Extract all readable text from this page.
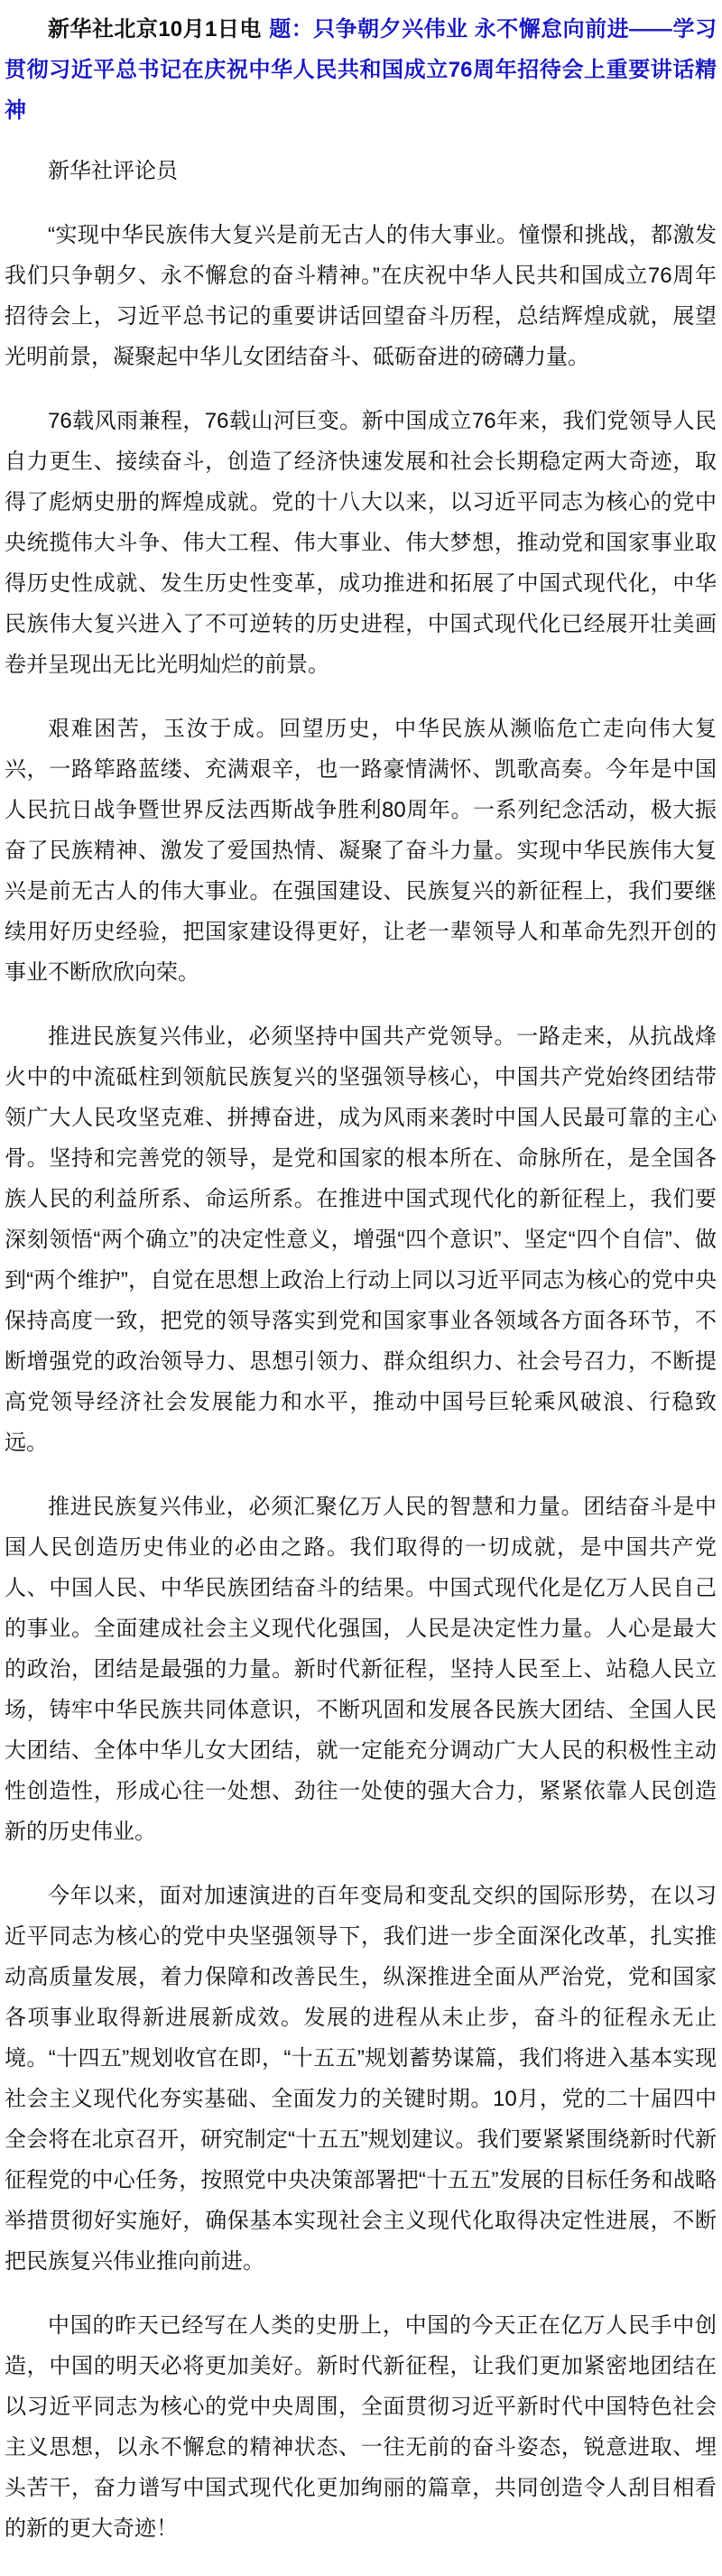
新华社北京10月1日电 题：只争朝夕兴伟业 永不懈怠向前进——学习贯彻习近平总书记在庆祝中华人民共和国成立76周年招待会上重要讲话精神

新华社评论员

“实现中华民族伟大复兴是前无古人的伟大事业。憧憬和挑战，都激发我们只争朝夕、永不懈怠的奋斗精神。”在庆祝中华人民共和国成立76周年招待会上，习近平总书记的重要讲话回望奋斗历程，总结辉煌成就，展望光明前景，凝聚起中华儿女团结奋斗、砥砺奋进的磅礴力量。

76载风雨兼程，76载山河巨变。新中国成立76年来，我们党领导人民自力更生、接续奋斗，创造了经济快速发展和社会长期稳定两大奇迹，取得了彪炳史册的辉煌成就。党的十八大以来，以习近平同志为核心的党中央统揽伟大斗争、伟大工程、伟大事业、伟大梦想，推动党和国家事业取得历史性成就、发生历史性变革，成功推进和拓展了中国式现代化，中华民族伟大复兴进入了不可逆转的历史进程，中国式现代化已经展开壮美画卷并呈现出无比光明灿烂的前景。

艰难困苦，玉汝于成。回望历史，中华民族从濒临危亡走向伟大复兴，一路筚路蓝缕、充满艰辛，也一路豪情满怀、凯歌高奏。今年是中国人民抗日战争暨世界反法西斯战争胜利80周年。一系列纪念活动，极大振奋了民族精神、激发了爱国热情、凝聚了奋斗力量。实现中华民族伟大复兴是前无古人的伟大事业。在强国建设、民族复兴的新征程上，我们要继续用好历史经验，把国家建设得更好，让老一辈领导人和革命先烈开创的事业不断欣欣向荣。

推进民族复兴伟业，必须坚持中国共产党领导。一路走来，从抗战烽火中的中流砥柱到领航民族复兴的坚强领导核心，中国共产党始终团结带领广大人民攻坚克难、拼搏奋进，成为风雨来袭时中国人民最可靠的主心骨。坚持和完善党的领导，是党和国家的根本所在、命脉所在，是全国各族人民的利益所系、命运所系。在推进中国式现代化的新征程上，我们要深刻领悟“两个确立”的决定性意义，增强“四个意识”、坚定“四个自信”、做到“两个维护”，自觉在思想上政治上行动上同以习近平同志为核心的党中央保持高度一致，把党的领导落实到党和国家事业各领域各方面各环节，不断增强党的政治领导力、思想引领力、群众组织力、社会号召力，不断提高党领导经济社会发展能力和水平，推动中国号巨轮乘风破浪、行稳致远。

推进民族复兴伟业，必须汇聚亿万人民的智慧和力量。团结奋斗是中国人民创造历史伟业的必由之路。我们取得的一切成就，是中国共产党人、中国人民、中华民族团结奋斗的结果。中国式现代化是亿万人民自己的事业。全面建成社会主义现代化强国，人民是决定性力量。人心是最大的政治，团结是最强的力量。新时代新征程，坚持人民至上、站稳人民立场，铸牢中华民族共同体意识，不断巩固和发展各民族大团结、全国人民大团结、全体中华儿女大团结，就一定能充分调动广大人民的积极性主动性创造性，形成心往一处想、劲往一处使的强大合力，紧紧依靠人民创造新的历史伟业。

今年以来，面对加速演进的百年变局和变乱交织的国际形势，在以习近平同志为核心的党中央坚强领导下，我们进一步全面深化改革，扎实推动高质量发展，着力保障和改善民生，纵深推进全面从严治党，党和国家各项事业取得新进展新成效。发展的进程从未止步，奋斗的征程永无止境。“十四五”规划收官在即，“十五五”规划蓄势谋篇，我们将进入基本实现社会主义现代化夯实基础、全面发力的关键时期。10月，党的二十届四中全会将在北京召开，研究制定“十五五”规划建议。我们要紧紧围绕新时代新征程党的中心任务，按照党中央决策部署把“十五五”发展的目标任务和战略举措贯彻好实施好，确保基本实现社会主义现代化取得决定性进展，不断把民族复兴伟业推向前进。

中国的昨天已经写在人类的史册上，中国的今天正在亿万人民手中创造，中国的明天必将更加美好。新时代新征程，让我们更加紧密地团结在以习近平同志为核心的党中央周围，全面贯彻习近平新时代中国特色社会主义思想，以永不懈怠的精神状态、一往无前的奋斗姿态，锐意进取、埋头苦干，奋力谱写中国式现代化更加绚丽的篇章，共同创造令人刮目相看的新的更大奇迹！
